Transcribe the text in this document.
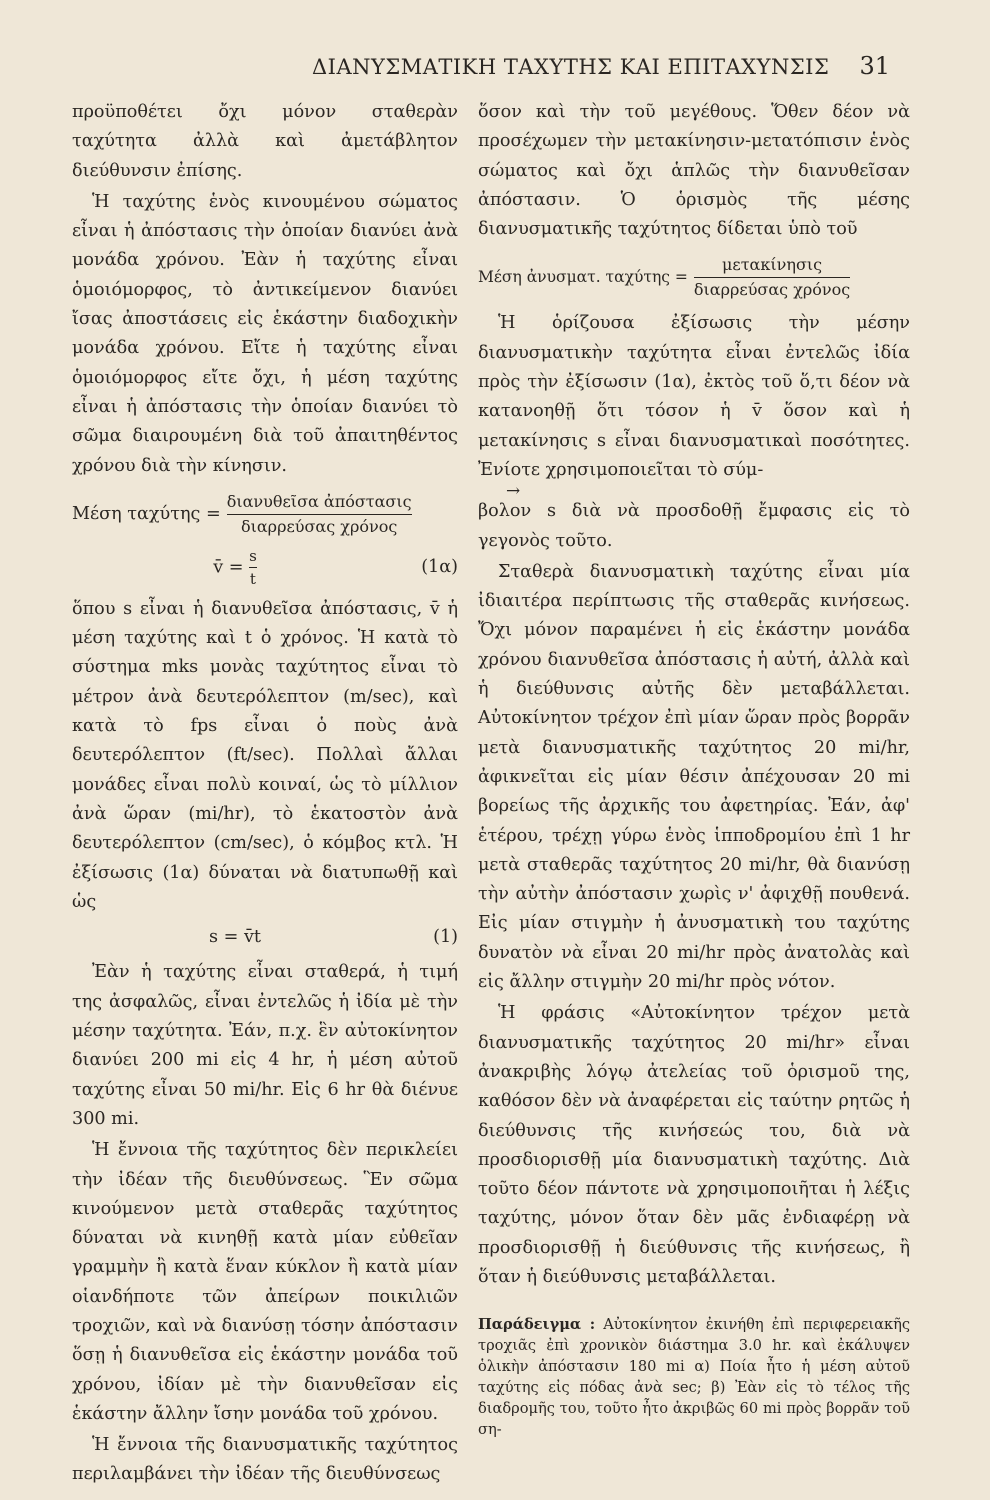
ΔΙΑΝΥΣΜΑΤΙΚΗ ΤΑΧΥΤΗΣ ΚΑΙ ΕΠΙΤΑΧΥΝΣΙΣ 31

προϋποθέτει ὄχι μόνον σταθερὰν ταχύτητα ἀλλὰ καὶ ἀμετάβλητον διεύθυνσιν ἐπίσης.

Ἡ ταχύτης ἑνὸς κινουμένου σώματος εἶναι ἡ ἀπόστασις τὴν ὁποίαν διανύει ἀνὰ μονάδα χρόνου. Ἐὰν ἡ ταχύτης εἶναι ὁμοιόμορφος, τὸ ἀντικείμενον διανύει ἴσας ἀποστάσεις εἰς ἑκάστην διαδοχικὴν μονάδα χρόνου. Εἴτε ἡ ταχύτης εἶναι ὁμοιόμορφος εἴτε ὄχι, ἡ μέση ταχύτης εἶναι ἡ ἀπόστασις τὴν ὁποίαν διανύει τὸ σῶμα διαιρουμένη διὰ τοῦ ἀπαιτηθέντος χρόνου διὰ τὴν κίνησιν.

Μέση $\tau\alpha\chi ύ\tau\eta\varsigma = \frac{\text{διανυθεῖσα ἀπόστασις}}{\text{διαρρεύσας χρόνος}}$
v̄ = $\frac{s}{t}$	(1α)

ὅπου s εἶναι ἡ διανυθεῖσα ἀπόστασις, v̄ ἡ μέση ταχύτης καὶ t ὁ χρόνος. Ἡ κατὰ τὸ σύστημα mks μονὰς ταχύτητος εἶναι τὸ μέτρον ἀνὰ δευτερόλεπτον (m/sec), καὶ κατὰ τὸ fps εἶναι ὁ ποὺς ἀνὰ δευτερόλεπτον (ft/sec). Πολλαὶ ἄλλαι μονάδες εἶναι πολὺ κοιναί, ὡς τὸ μίλλιον ἀνὰ ὥραν (mi/hr), τὸ ἑκατοστὸν ἀνὰ δευτερόλεπτον (cm/sec), ὁ κόμβος κτλ. Ἡ ἐξίσωσις (1α) δύναται νὰ διατυπωθῇ καὶ ὡς

s = v̄t	(1)

Ἐὰν ἡ ταχύτης εἶναι σταθερά, ἡ τιμή της ἀσφαλῶς, εἶναι ἐντελῶς ἡ ἰδία μὲ τὴν μέσην ταχύτητα. Ἐάν, π.χ. ἓν αὐτοκίνητον διανύει 200 mi εἰς 4 hr, ἡ μέση αὐτοῦ ταχύτης εἶναι 50 mi/hr. Εἰς 6 hr θὰ διένυε 300 mi.

Ἡ ἔννοια τῆς ταχύτητος δὲν περικλείει τὴν ἰδέαν τῆς διευθύνσεως. Ἓν σῶμα κινούμενον μετὰ σταθερᾶς ταχύτητος δύναται νὰ κινηθῇ κατὰ μίαν εὐθεῖαν γραμμὴν ἢ κατὰ ἕναν κύκλον ἢ κατὰ μίαν οἱανδήποτε τῶν ἀπείρων ποικιλιῶν τροχιῶν, καὶ νὰ διανύσῃ τόσην ἀπόστασιν ὅσῃ ἡ διανυθεῖσα εἰς ἑκάστην μονάδα τοῦ χρόνου, ἰδίαν μὲ τὴν διανυθεῖσαν εἰς ἑκάστην ἄλλην ἴσην μονάδα τοῦ χρόνου.

Ἡ ἔννοια τῆς διανυσματικῆς ταχύτητος περιλαμβάνει τὴν ἰδέαν τῆς διευθύνσεως

ὅσον καὶ τὴν τοῦ μεγέθους. Ὅθεν δέον νὰ προσέχωμεν τὴν μετακίνησιν-μετατόπισιν ἑνὸς σώματος καὶ ὄχι ἁπλῶς τὴν διανυθεῖσαν ἀπόστασιν. Ὁ ὁρισμὸς τῆς μέσης διανυσματικῆς ταχύτητος δίδεται ὑπὸ τοῦ

Μέση ἀνυσματ. $\tau\alpha\chi ύ\tau\eta\varsigma = \frac{\text{μετακίνησις}}{\text{διαρρεύσας χρόνος}}$

Ἡ ὁρίζουσα ἐξίσωσις τὴν μέσην διανυσματικὴν ταχύτητα εἶναι ἐντελῶς ἰδία πρὸς τὴν ἐξίσωσιν (1α), ἐκτὸς τοῦ ὅ,τι δέον νὰ κατανοηθῇ ὅτι τόσον ἡ v̄ ὅσον καὶ ἡ μετακίνησις s εἶναι διανυσματικαὶ ποσότητες. Ἐνίοτε χρησιμοποιεῖται τὸ σύμ-

→

βολον s διὰ νὰ προσδοθῇ ἔμφασις εἰς τὸ γεγονὸς τοῦτο.

Σταθερὰ διανυσματικὴ ταχύτης εἶναι μία ἰδιαιτέρα περίπτωσις τῆς σταθερᾶς κινήσεως. Ὄχι μόνον παραμένει ἡ εἰς ἑκάστην μονάδα χρόνου διανυθεῖσα ἀπόστασις ἡ αὐτή, ἀλλὰ καὶ ἡ διεύθυνσις αὐτῆς δὲν μεταβάλλεται. Αὐτοκίνητον τρέχον ἐπὶ μίαν ὥραν πρὸς βορρᾶν μετὰ διανυσματικῆς ταχύτητος 20 mi/hr, ἀφικνεῖται εἰς μίαν θέσιν ἀπέχουσαν 20 mi βορείως τῆς ἀρχικῆς του ἀφετηρίας. Ἐάν, ἀφ' ἑτέρου, τρέχῃ γύρω ἑνὸς ἱπποδρομίου ἐπὶ 1 hr μετὰ σταθερᾶς ταχύτητος 20 mi/hr, θὰ διανύσῃ τὴν αὐτὴν ἀπόστασιν χωρὶς ν' ἀφιχθῇ πουθενά. Εἰς μίαν στιγμὴν ἡ ἀνυσματικὴ του ταχύτης δυνατὸν νὰ εἶναι 20 mi/hr πρὸς ἀνατολὰς καὶ εἰς ἄλλην στιγμὴν 20 mi/hr πρὸς νότον.

Ἡ φράσις «Αὐτοκίνητον τρέχον μετὰ διανυσματικῆς ταχύτητος 20 mi/hr» εἶναι ἀνακριβὴς λόγῳ ἀτελείας τοῦ ὁρισμοῦ της, καθόσον δὲν νὰ ἀναφέρεται εἰς ταύτην ρητῶς ἡ διεύθυνσις τῆς κινήσεώς του, διὰ νὰ προσδιορισθῇ μία διανυσματικὴ ταχύτης. Διὰ τοῦτο δέον πάντοτε νὰ χρησιμοποιῆται ἡ λέξις ταχύτης, μόνον ὅταν δὲν μᾶς ἐνδιαφέρῃ νὰ προσδιορισθῇ ἡ διεύθυνσις τῆς κινήσεως, ἢ ὅταν ἡ διεύθυνσις μεταβάλλεται.

Παράδειγμα : Αὐτοκίνητον ἐκινήθη ἐπὶ περιφερειακῆς τροχιᾶς ἐπὶ χρονικὸν διάστημα 3.0 hr. καὶ ἐκάλυψεν ὁλικὴν ἀπόστασιν 180 mi α) Ποία ἦτο ἡ μέση αὐτοῦ ταχύτης εἰς πόδας ἀνὰ sec; β) Ἐὰν εἰς τὸ τέλος τῆς διαδρομῆς του, τοῦτο ἦτο ἀκριβῶς 60 mi πρὸς βορρᾶν τοῦ ση-
